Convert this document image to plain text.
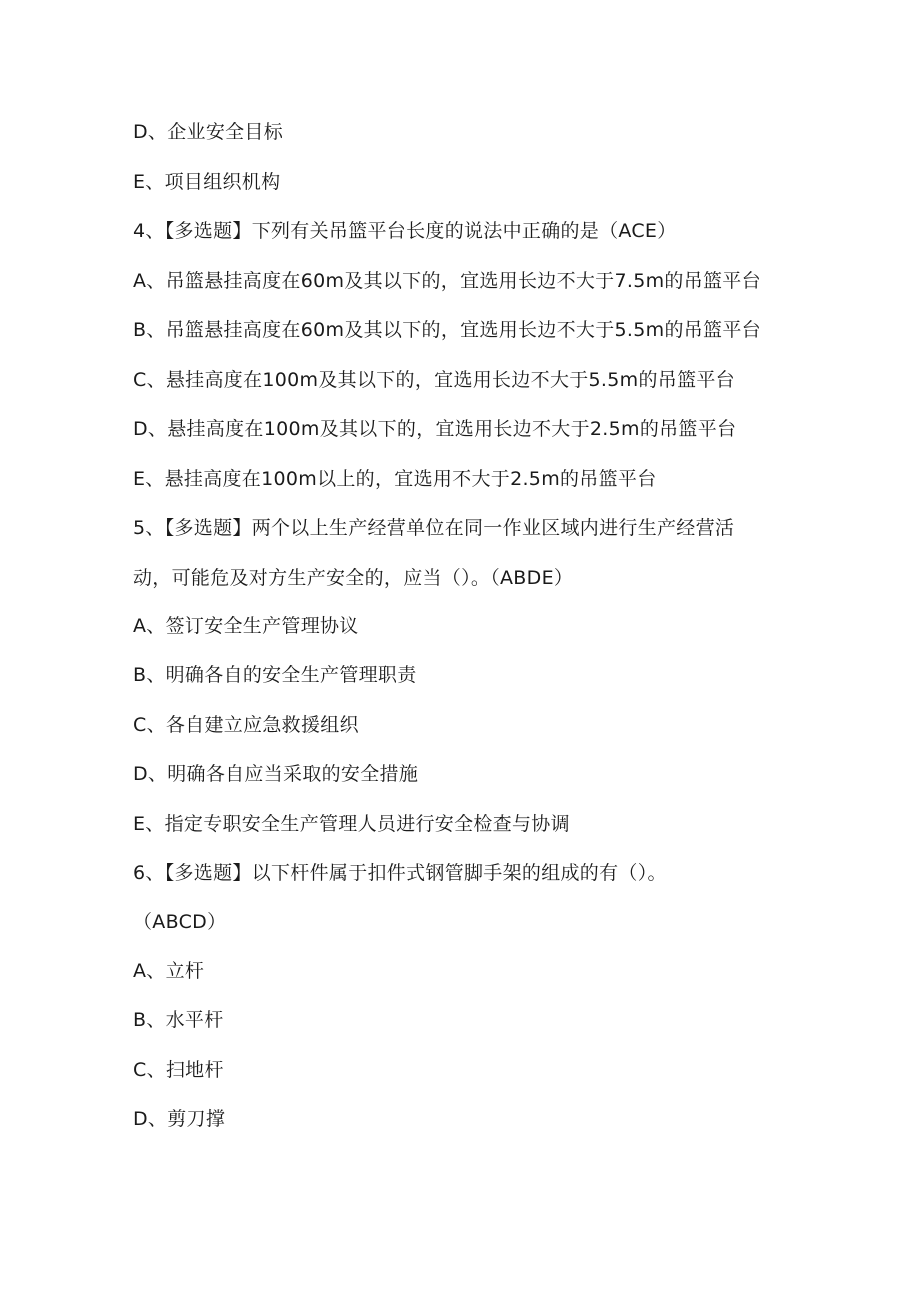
D、企业安全目标
E、项目组织机构
4、【多选题】下列有关吊篮平台长度的说法中正确的是（ACE）
A、吊篮悬挂高度在60m及其以下的，宜选用长边不大于7.5m的吊篮平台
B、吊篮悬挂高度在60m及其以下的，宜选用长边不大于5.5m的吊篮平台
C、悬挂高度在100m及其以下的，宜选用长边不大于5.5m的吊篮平台
D、悬挂高度在100m及其以下的，宜选用长边不大于2.5m的吊篮平台
E、悬挂高度在100m以上的，宜选用不大于2.5m的吊篮平台
5、【多选题】两个以上生产经营单位在同一作业区域内进行生产经营活
动，可能危及对方生产安全的，应当（）。（ABDE）
A、签订安全生产管理协议
B、明确各自的安全生产管理职责
C、各自建立应急救援组织
D、明确各自应当采取的安全措施
E、指定专职安全生产管理人员进行安全检查与协调
6、【多选题】以下杆件属于扣件式钢管脚手架的组成的有（）。
（ABCD）
A、立杆
B、水平杆
C、扫地杆
D、剪刀撑
